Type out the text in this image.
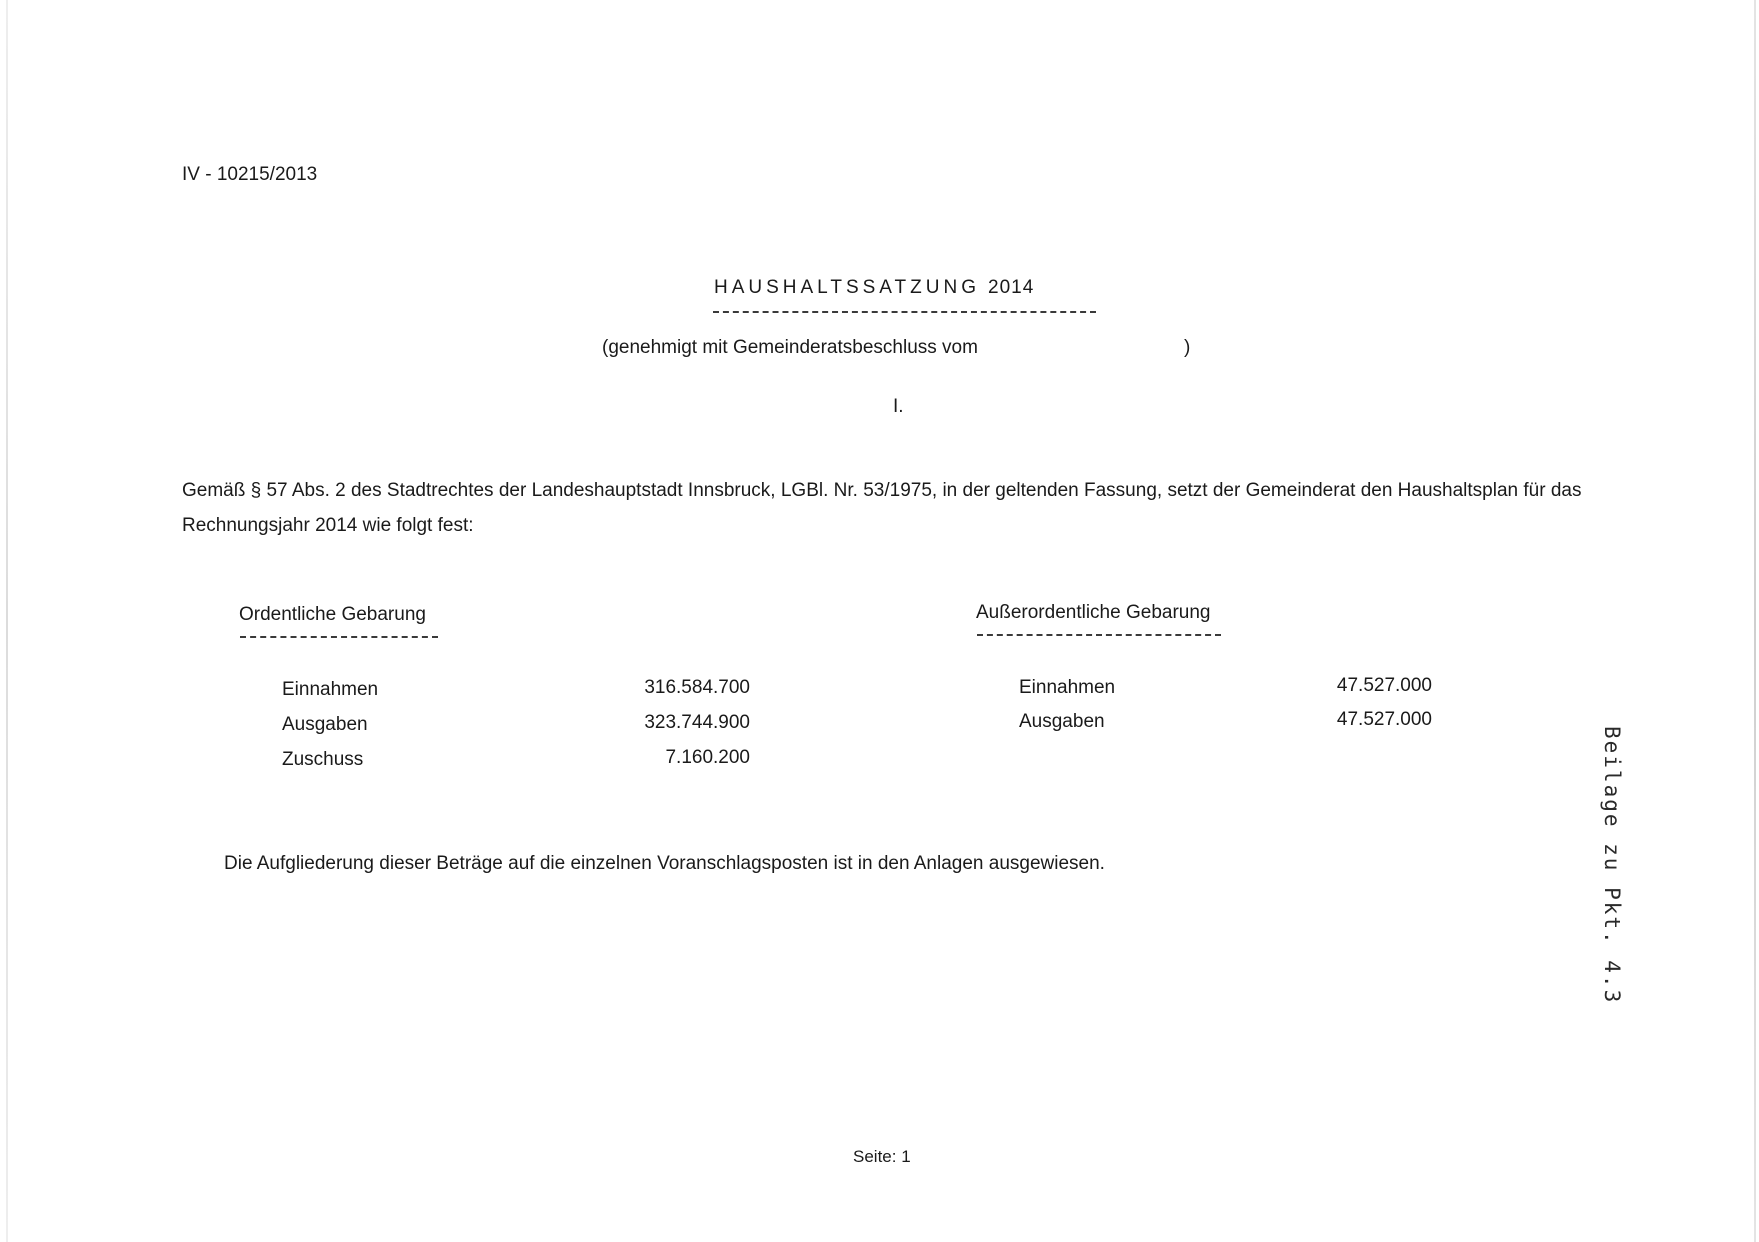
IV - 10215/2013
HAUSHALTSSATZUNG 2014
(genehmigt mit Gemeinderatsbeschluss vom	)
I.
Gemäß § 57 Abs. 2 des Stadtrechtes der Landeshauptstadt Innsbruck, LGBl. Nr. 53/1975, in der geltenden Fassung, setzt der Gemeinderat den Haushaltsplan für das Rechnungsjahr 2014 wie folgt fest:
Ordentliche Gebarung	Außerordentliche Gebarung
Einnahmen	316.584.700
Ausgaben	323.744.900
Zuschuss	7.160.200
Einnahmen	47.527.000
Ausgaben	47.527.000
Die Aufgliederung dieser Beträge auf die einzelnen Voranschlagsposten ist in den Anlagen ausgewiesen.	Beilage zu Pkt. 4.3
Seite: 1
